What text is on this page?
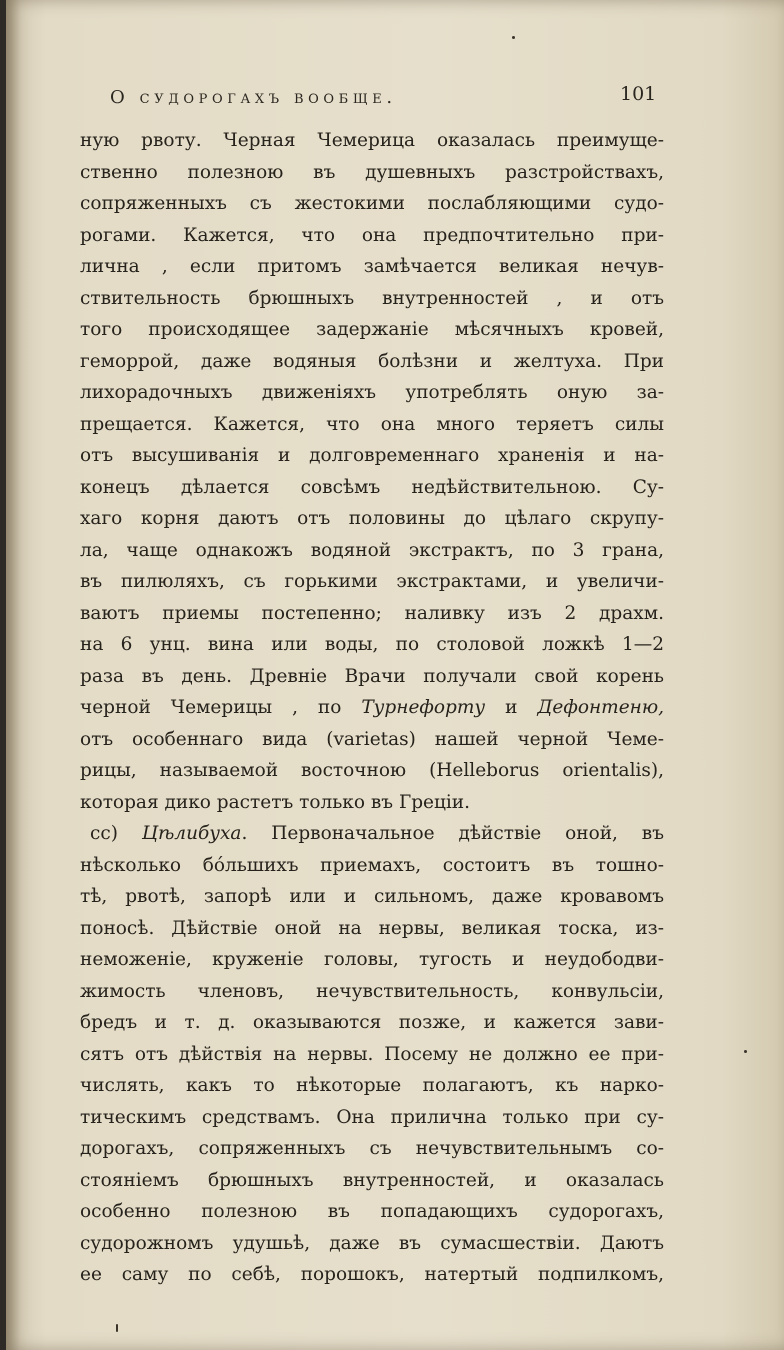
О судорогахъ вообще.	101
ную рвоту. Черная Чемерица оказалась преимуще-
ственно полезною въ душевныхъ разстройствахъ,
сопряженныхъ съ жестокими послабляющими судо-
рогами. Кажется, что она предпочтительно при-
лична , если притомъ замѣчается великая нечув-
ствительность брюшныхъ внутренностей , и отъ
того происходящее задержаніе мѣсячныхъ кровей,
геморрой, даже водяныя болѣзни и желтуха. При
лихорадочныхъ движеніяхъ употреблять оную за-
прещается. Кажется, что она много теряетъ силы
отъ высушиванія и долговременнаго храненія и на-
конецъ дѣлается совсѣмъ недѣйствительною. Су-
хаго корня даютъ отъ половины до цѣлаго скрупу-
ла, чаще однакожъ водяной экстрактъ, по 3 грана,
въ пилюляхъ, съ горькими экстрактами, и увеличи-
ваютъ приемы постепенно; наливку изъ 2 драхм.
на 6 унц. вина или воды, по столовой ложкѣ 1—2
раза въ день. Древніе Врачи получали свой корень
черной Чемерицы , по Турнефорту и Дефонтеню,
отъ особеннаго вида (varietas) нашей черной Чеме-
рицы, называемой восточною (Helleborus orientalis),
которая дико растетъ только въ Греціи.
cc) Цѣлибуха. Первоначальное дѣйствіе оной, въ
нѣсколько бо́льшихъ приемахъ, состоитъ въ тошно-
тѣ, рвотѣ, запорѣ или и сильномъ, даже кровавомъ
поносѣ. Дѣйствіе оной на нервы, великая тоска, из-
неможеніе, круженіе головы, тугость и неудободви-
жимость членовъ, нечувствительность, конвульсіи,
бредъ и т. д. оказываются позже, и кажется зави-
сятъ отъ дѣйствія на нервы. Посему не должно ее при-
числять, какъ то нѣкоторые полагаютъ, къ нарко-
тическимъ средствамъ. Она прилична только при су-
дорогахъ, сопряженныхъ съ нечувствительнымъ со-
стояніемъ брюшныхъ внутренностей, и оказалась
особенно полезною въ попадающихъ судорогахъ,
судорожномъ удушьѣ, даже въ сумасшествіи. Даютъ
ее саму по себѣ, порошокъ, натертый подпилкомъ,
